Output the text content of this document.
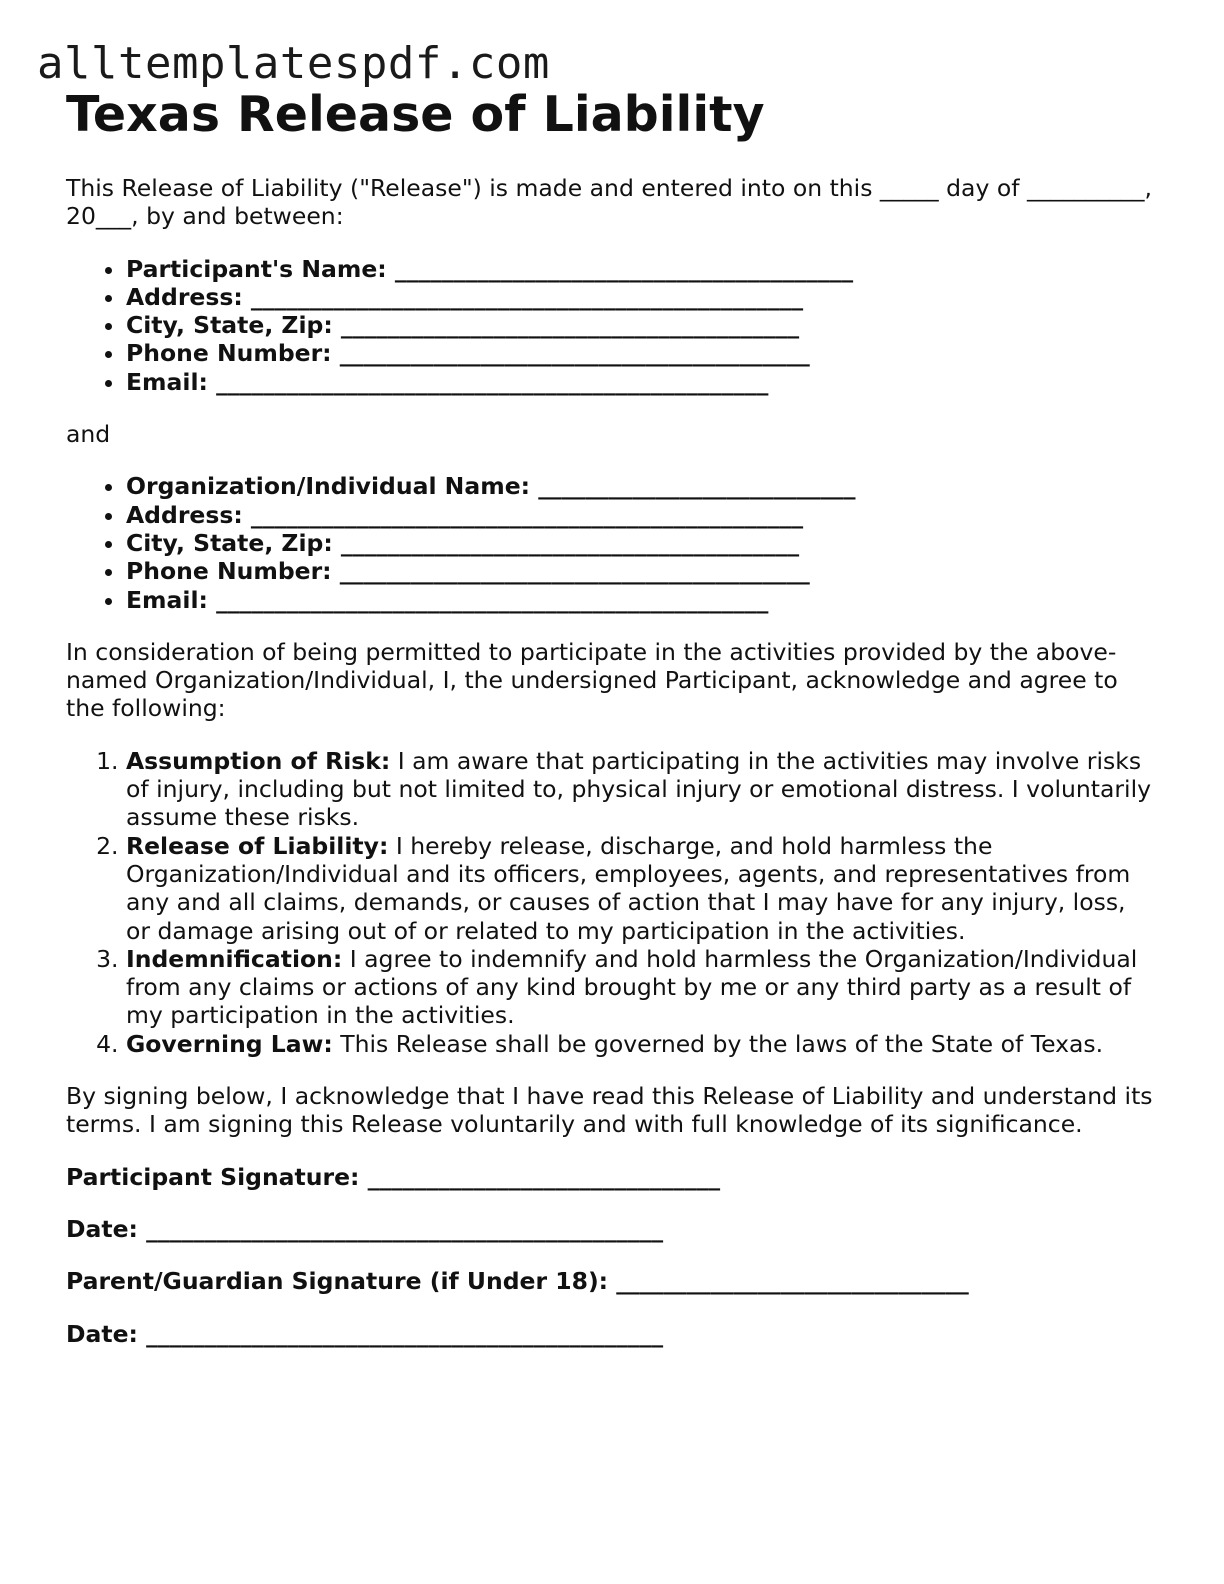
alltemplatespdf.com
Texas Release of Liability

This Release of Liability ("Release") is made and entered into on this _____ day of __________, 20___, by and between:

• Participant's Name: _______________________________________
• Address: _______________________________________________
• City, State, Zip: _______________________________________
• Phone Number: ________________________________________
• Email: _______________________________________________

and

• Organization/Individual Name: ___________________________
• Address: _______________________________________________
• City, State, Zip: _______________________________________
• Phone Number: ________________________________________
• Email: _______________________________________________

In consideration of being permitted to participate in the activities provided by the above-named Organization/Individual, I, the undersigned Participant, acknowledge and agree to the following:

1. Assumption of Risk: I am aware that participating in the activities may involve risks of injury, including but not limited to, physical injury or emotional distress. I voluntarily assume these risks.
2. Release of Liability: I hereby release, discharge, and hold harmless the Organization/Individual and its officers, employees, agents, and representatives from any and all claims, demands, or causes of action that I may have for any injury, loss, or damage arising out of or related to my participation in the activities.
3. Indemnification: I agree to indemnify and hold harmless the Organization/Individual from any claims or actions of any kind brought by me or any third party as a result of my participation in the activities.
4. Governing Law: This Release shall be governed by the laws of the State of Texas.

By signing below, I acknowledge that I have read this Release of Liability and understand its terms. I am signing this Release voluntarily and with full knowledge of its significance.

Participant Signature: ______________________________

Date: ____________________________________________

Parent/Guardian Signature (if Under 18): ______________________________

Date: ____________________________________________
